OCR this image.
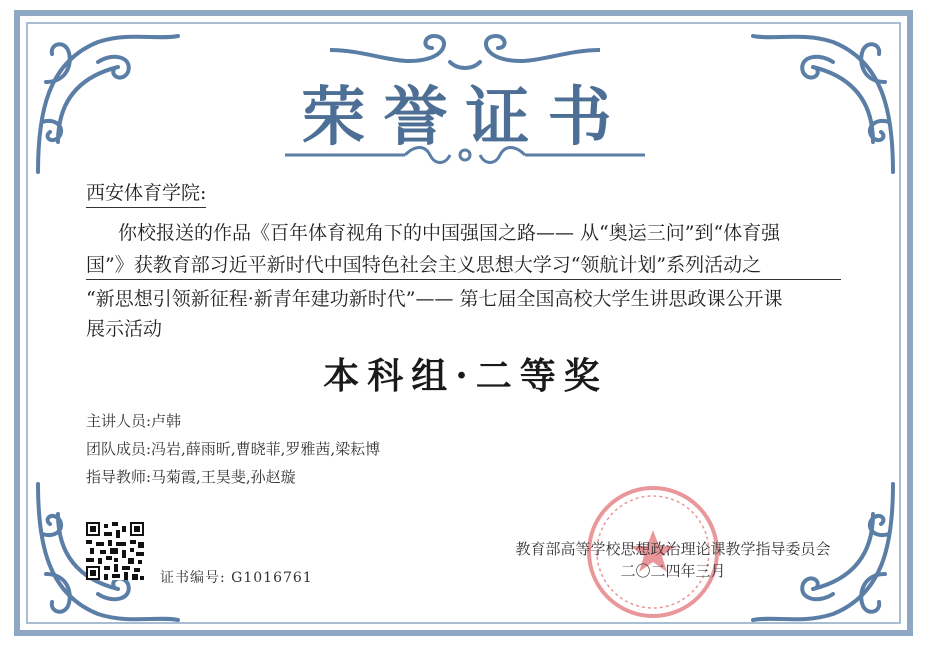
荣誉证书
西安体育学院:
你校报送的作品《百年体育视角下的中国强国之路—— 从“奥运三问”到“体育强
国”》获教育部习近平新时代中国特色社会主义思想大学习“领航计划”系列活动之
“新思想引领新征程·新青年建功新时代”—— 第七届全国高校大学生讲思政课公开课
展示活动
本科组·二等奖
主讲人员:卢韩
团队成员:冯岩,薛雨昕,曹晓菲,罗雅茜,梁耘博
指导教师:马菊霞,王昊斐,孙赵璇
证书编号: G1016761
教育部高等学校思想政治理论课教学指导委员会
二〇二四年三月
